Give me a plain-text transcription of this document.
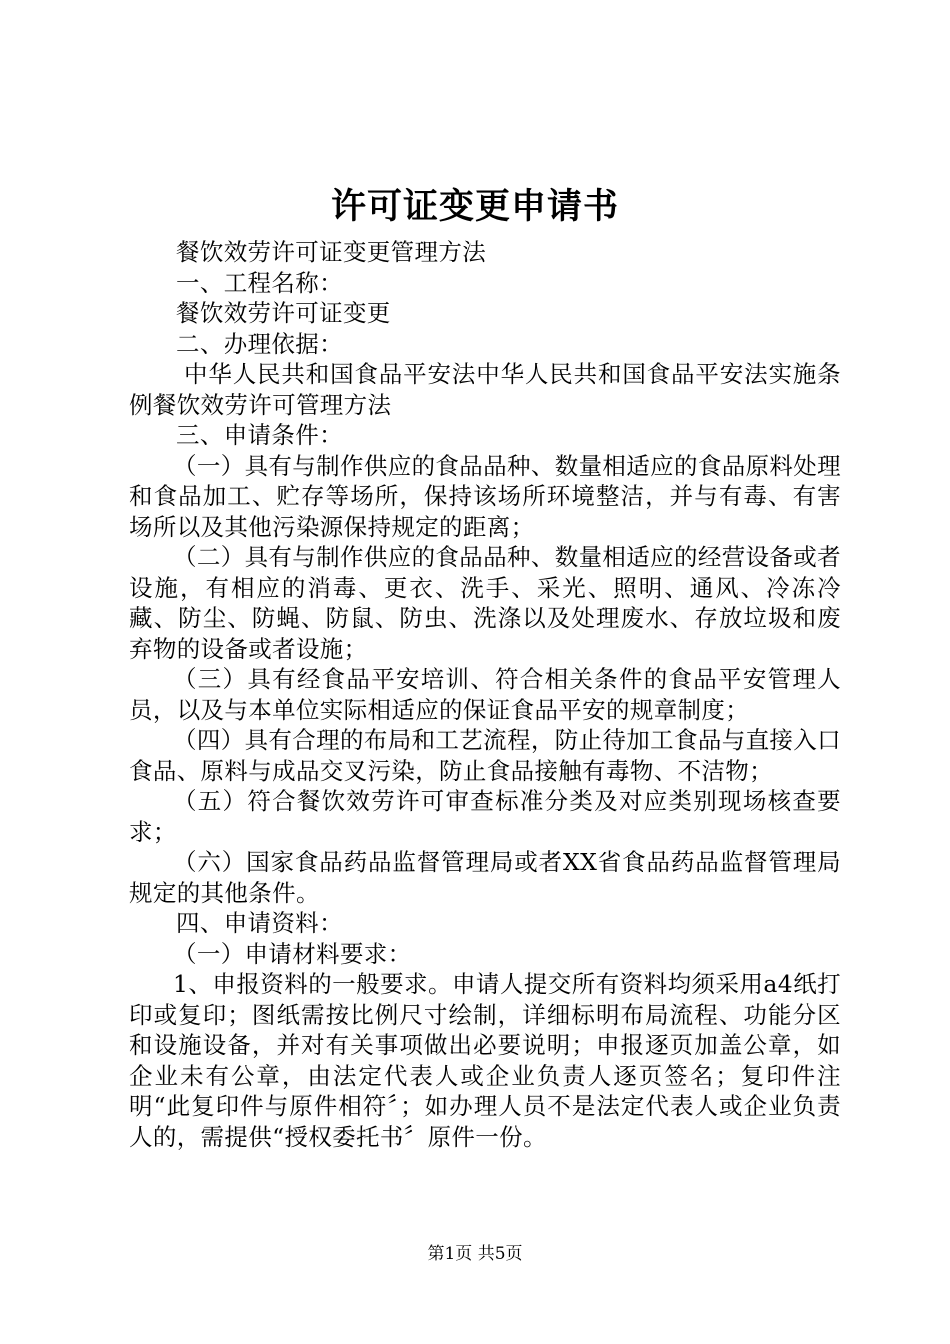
许可证变更申请书

餐饮效劳许可证变更管理方法

一、工程名称：

餐饮效劳许可证变更

二、办理依据：

中华人民共和国食品平安法中华人民共和国食品平安法实施条例餐饮效劳许可管理方法

三、申请条件：

（一）具有与制作供应的食品品种、数量相适应的食品原料处理和食品加工、贮存等场所，保持该场所环境整洁，并与有毒、有害场所以及其他污染源保持规定的距离；

（二）具有与制作供应的食品品种、数量相适应的经营设备或者设施，有相应的消毒、更衣、洗手、采光、照明、通风、冷冻冷藏、防尘、防蝇、防鼠、防虫、洗涤以及处理废水、存放垃圾和废弃物的设备或者设施；

（三）具有经食品平安培训、符合相关条件的食品平安管理人员，以及与本单位实际相适应的保证食品平安的规章制度；

（四）具有合理的布局和工艺流程，防止待加工食品与直接入口食品、原料与成品交叉污染，防止食品接触有毒物、不洁物；

（五）符合餐饮效劳许可审查标准分类及对应类别现场核查要求；

（六）国家食品药品监督管理局或者XX省食品药品监督管理局规定的其他条件。

四、申请资料：

（一）申请材料要求：

1、申报资料的一般要求。申请人提交所有资料均须采用a4纸打印或复印；图纸需按比例尺寸绘制，详细标明布局流程、功能分区和设施设备，并对有关事项做出必要说明；申报逐页加盖公章，如企业未有公章，由法定代表人或企业负责人逐页签名；复印件注明“此复印件与原件相符〞；如办理人员不是法定代表人或企业负责人的，需提供“授权委托书〞原件一份。

第1页 共5页
